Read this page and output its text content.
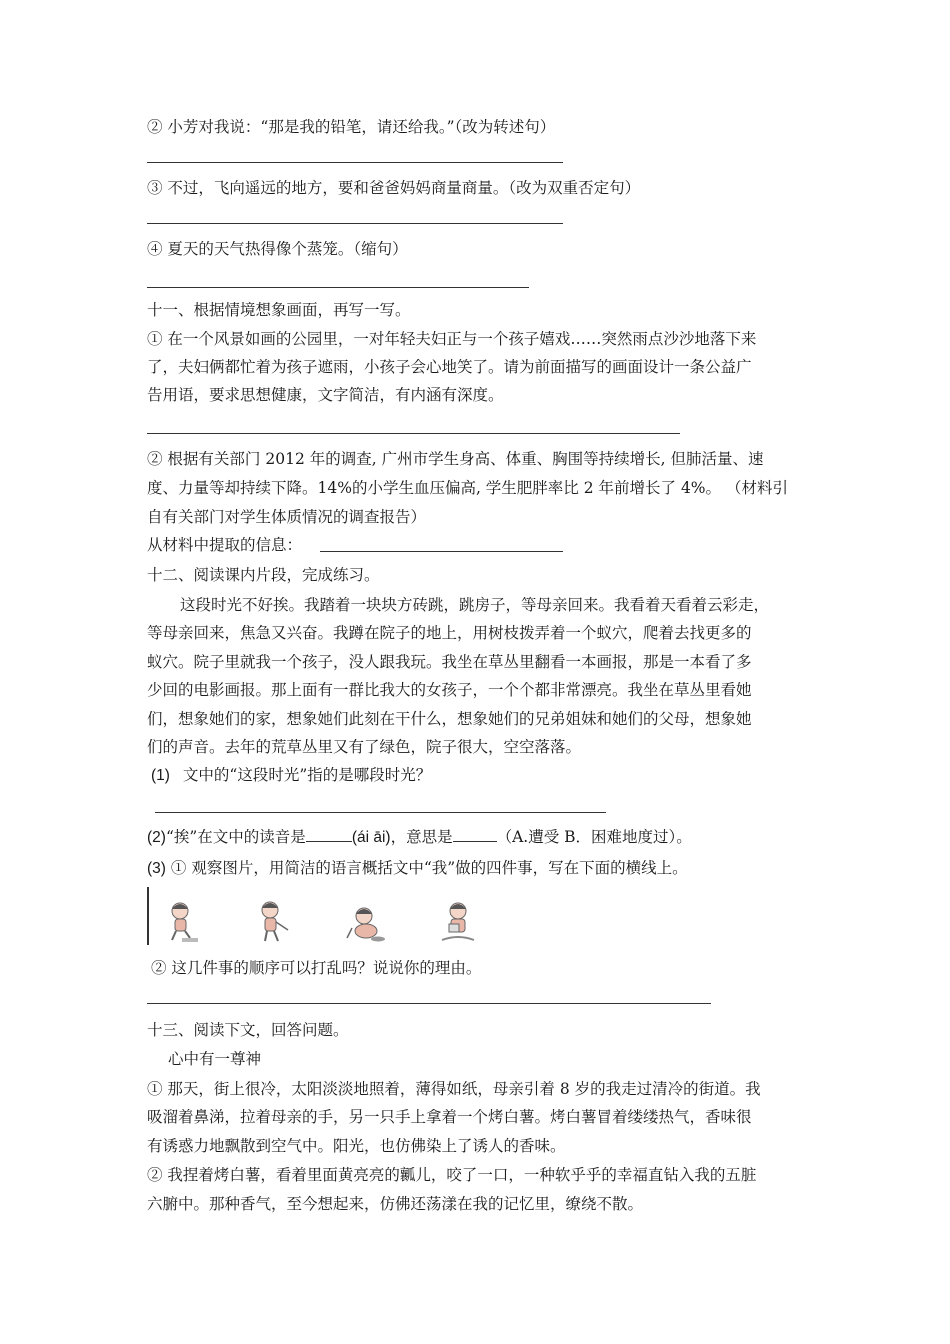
② 小芳对我说：“那是我的铅笔，请还给我。”（改为转述句）
③ 不过，飞向遥远的地方，要和爸爸妈妈商量商量。（改为双重否定句）
④ 夏天的天气热得像个蒸笼。（缩句）
十一、根据情境想象画面，再写一写。
① 在一个风景如画的公园里，一对年轻夫妇正与一个孩子嬉戏……突然雨点沙沙地落下来
了，夫妇俩都忙着为孩子遮雨，小孩子会心地笑了。请为前面描写的画面设计一条公益广
告用语，要求思想健康，文字简洁，有内涵有深度。
② 根据有关部门 2012 年的调查, 广州市学生身高、体重、胸围等持续增长, 但肺活量、速
度、力量等却持续下降。14%的小学生血压偏高, 学生肥胖率比 2 年前增长了 4%。 （材料引
自有关部门对学生体质情况的调查报告）
从材料中提取的信息：
十二、阅读课内片段，完成练习。
这段时光不好挨。我踏着一块块方砖跳，跳房子，等母亲回来。我看着天看着云彩走，
等母亲回来，焦急又兴奋。我蹲在院子的地上，用树枝拨弄着一个蚁穴，爬着去找更多的
蚁穴。院子里就我一个孩子，没人跟我玩。我坐在草丛里翻看一本画报，那是一本看了多
少回的电影画报。那上面有一群比我大的女孩子，一个个都非常漂亮。我坐在草丛里看她
们，想象她们的家，想象她们此刻在干什么，想象她们的兄弟姐妹和她们的父母，想象她
们的声音。去年的荒草丛里又有了绿色，院子很大，空空落落。
(1) 文中的“这段时光”指的是哪段时光？
(2)“挨”在文中的读音是	(ái āi)，意思是	（A.遭受 B．困难地度过）。
(3) ① 观察图片，用简洁的语言概括文中“我”做的四件事，写在下面的横线上。
② 这几件事的顺序可以打乱吗？说说你的理由。
十三、阅读下文，回答问题。
心中有一尊神
① 那天，街上很冷，太阳淡淡地照着，薄得如纸，母亲引着 8 岁的我走过清冷的街道。我
吸溜着鼻涕，拉着母亲的手，另一只手上拿着一个烤白薯。烤白薯冒着缕缕热气，香味很
有诱惑力地飘散到空气中。阳光，也仿佛染上了诱人的香味。
② 我捏着烤白薯，看着里面黄亮亮的瓤儿，咬了一口，一种软乎乎的幸福直钻入我的五脏
六腑中。那种香气，至今想起来，仿佛还荡漾在我的记忆里，缭绕不散。
